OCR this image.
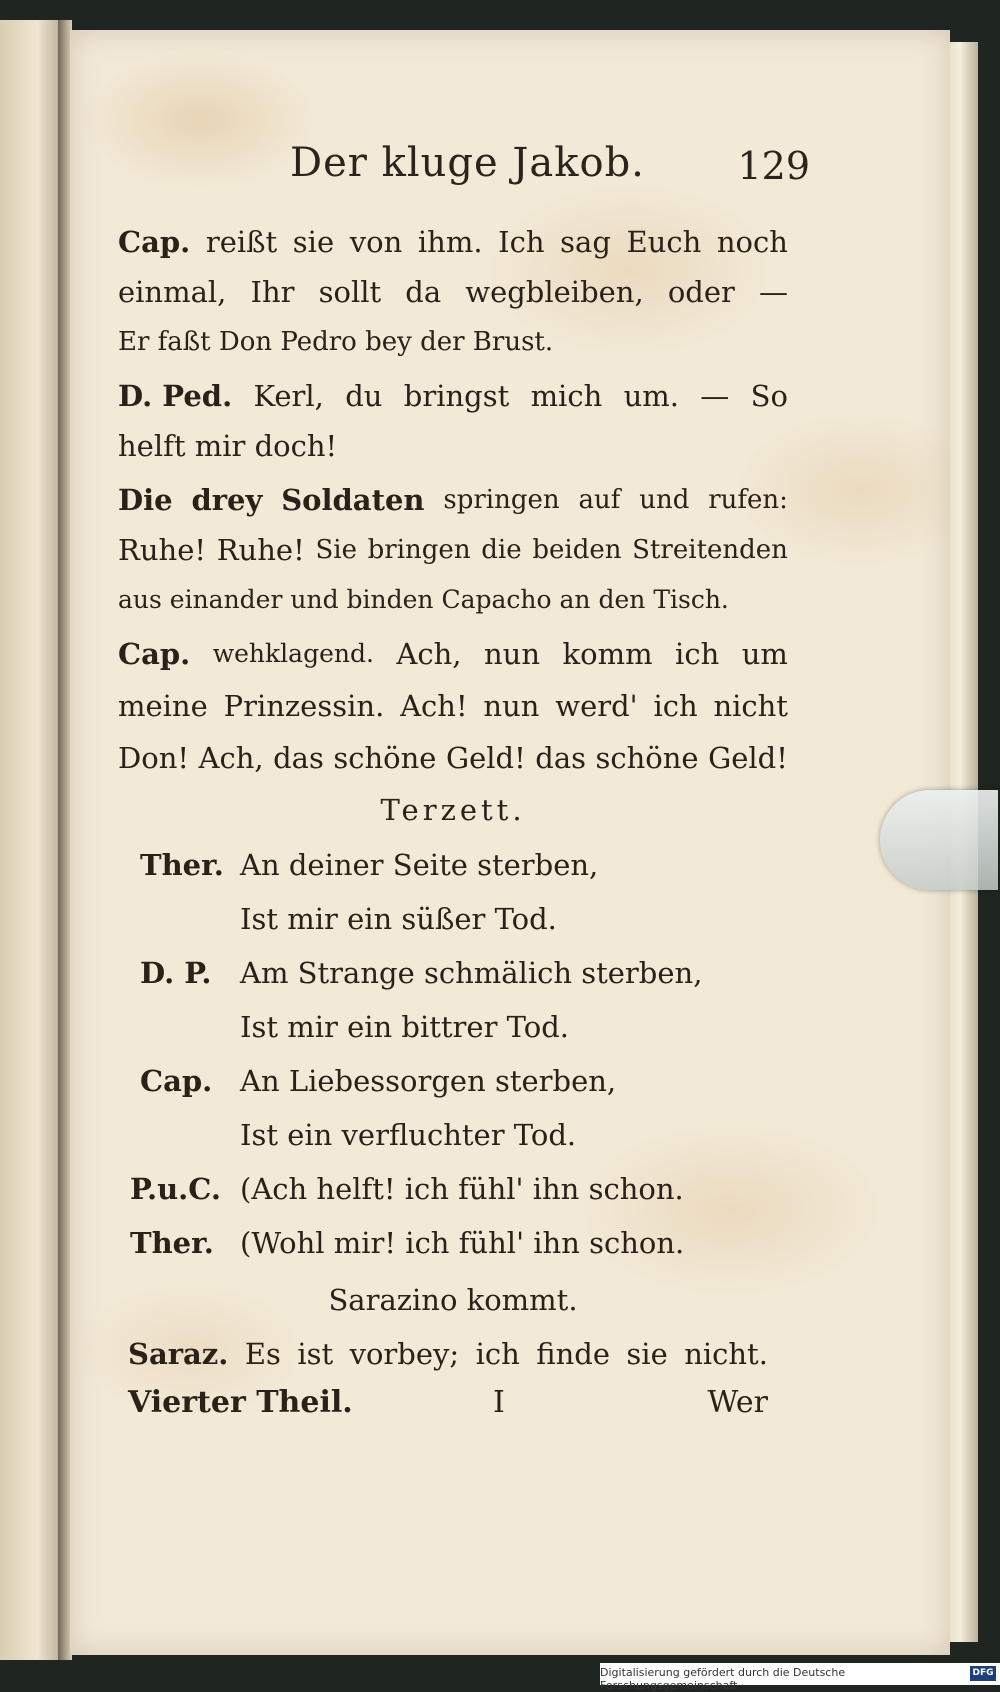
Der kluge Jakob. 129
Cap. reißt sie von ihm. Ich sag Euch noch
einmal, Ihr sollt da wegbleiben, oder —
Er faßt Don Pedro bey der Brust.
D. Ped. Kerl, du bringst mich um. — So
helft mir doch!
Die drey Soldaten springen auf und rufen:
Ruhe! Ruhe! Sie bringen die beiden Streitenden
aus einander und binden Capacho an den Tisch.
Cap. wehklagend. Ach, nun komm ich um
meine Prinzessin. Ach! nun werd' ich nicht
Don! Ach, das schöne Geld! das schöne Geld!
Terzett.
Ther. An deiner Seite sterben,
Ist mir ein süßer Tod.
D. P. Am Strange schmälich sterben,
Ist mir ein bittrer Tod.
Cap. An Liebessorgen sterben,
Ist ein verfluchter Tod.
P.u.C. (Ach helft! ich fühl' ihn schon.
Ther. (Wohl mir! ich fühl' ihn schon.
Sarazino kommt.
Saraz. Es ist vorbey; ich finde sie nicht.
Vierter Theil.	I	Wer
Digitalisierung gefördert durch die Deutsche Forschungsgemeinschaft ·
DFG
